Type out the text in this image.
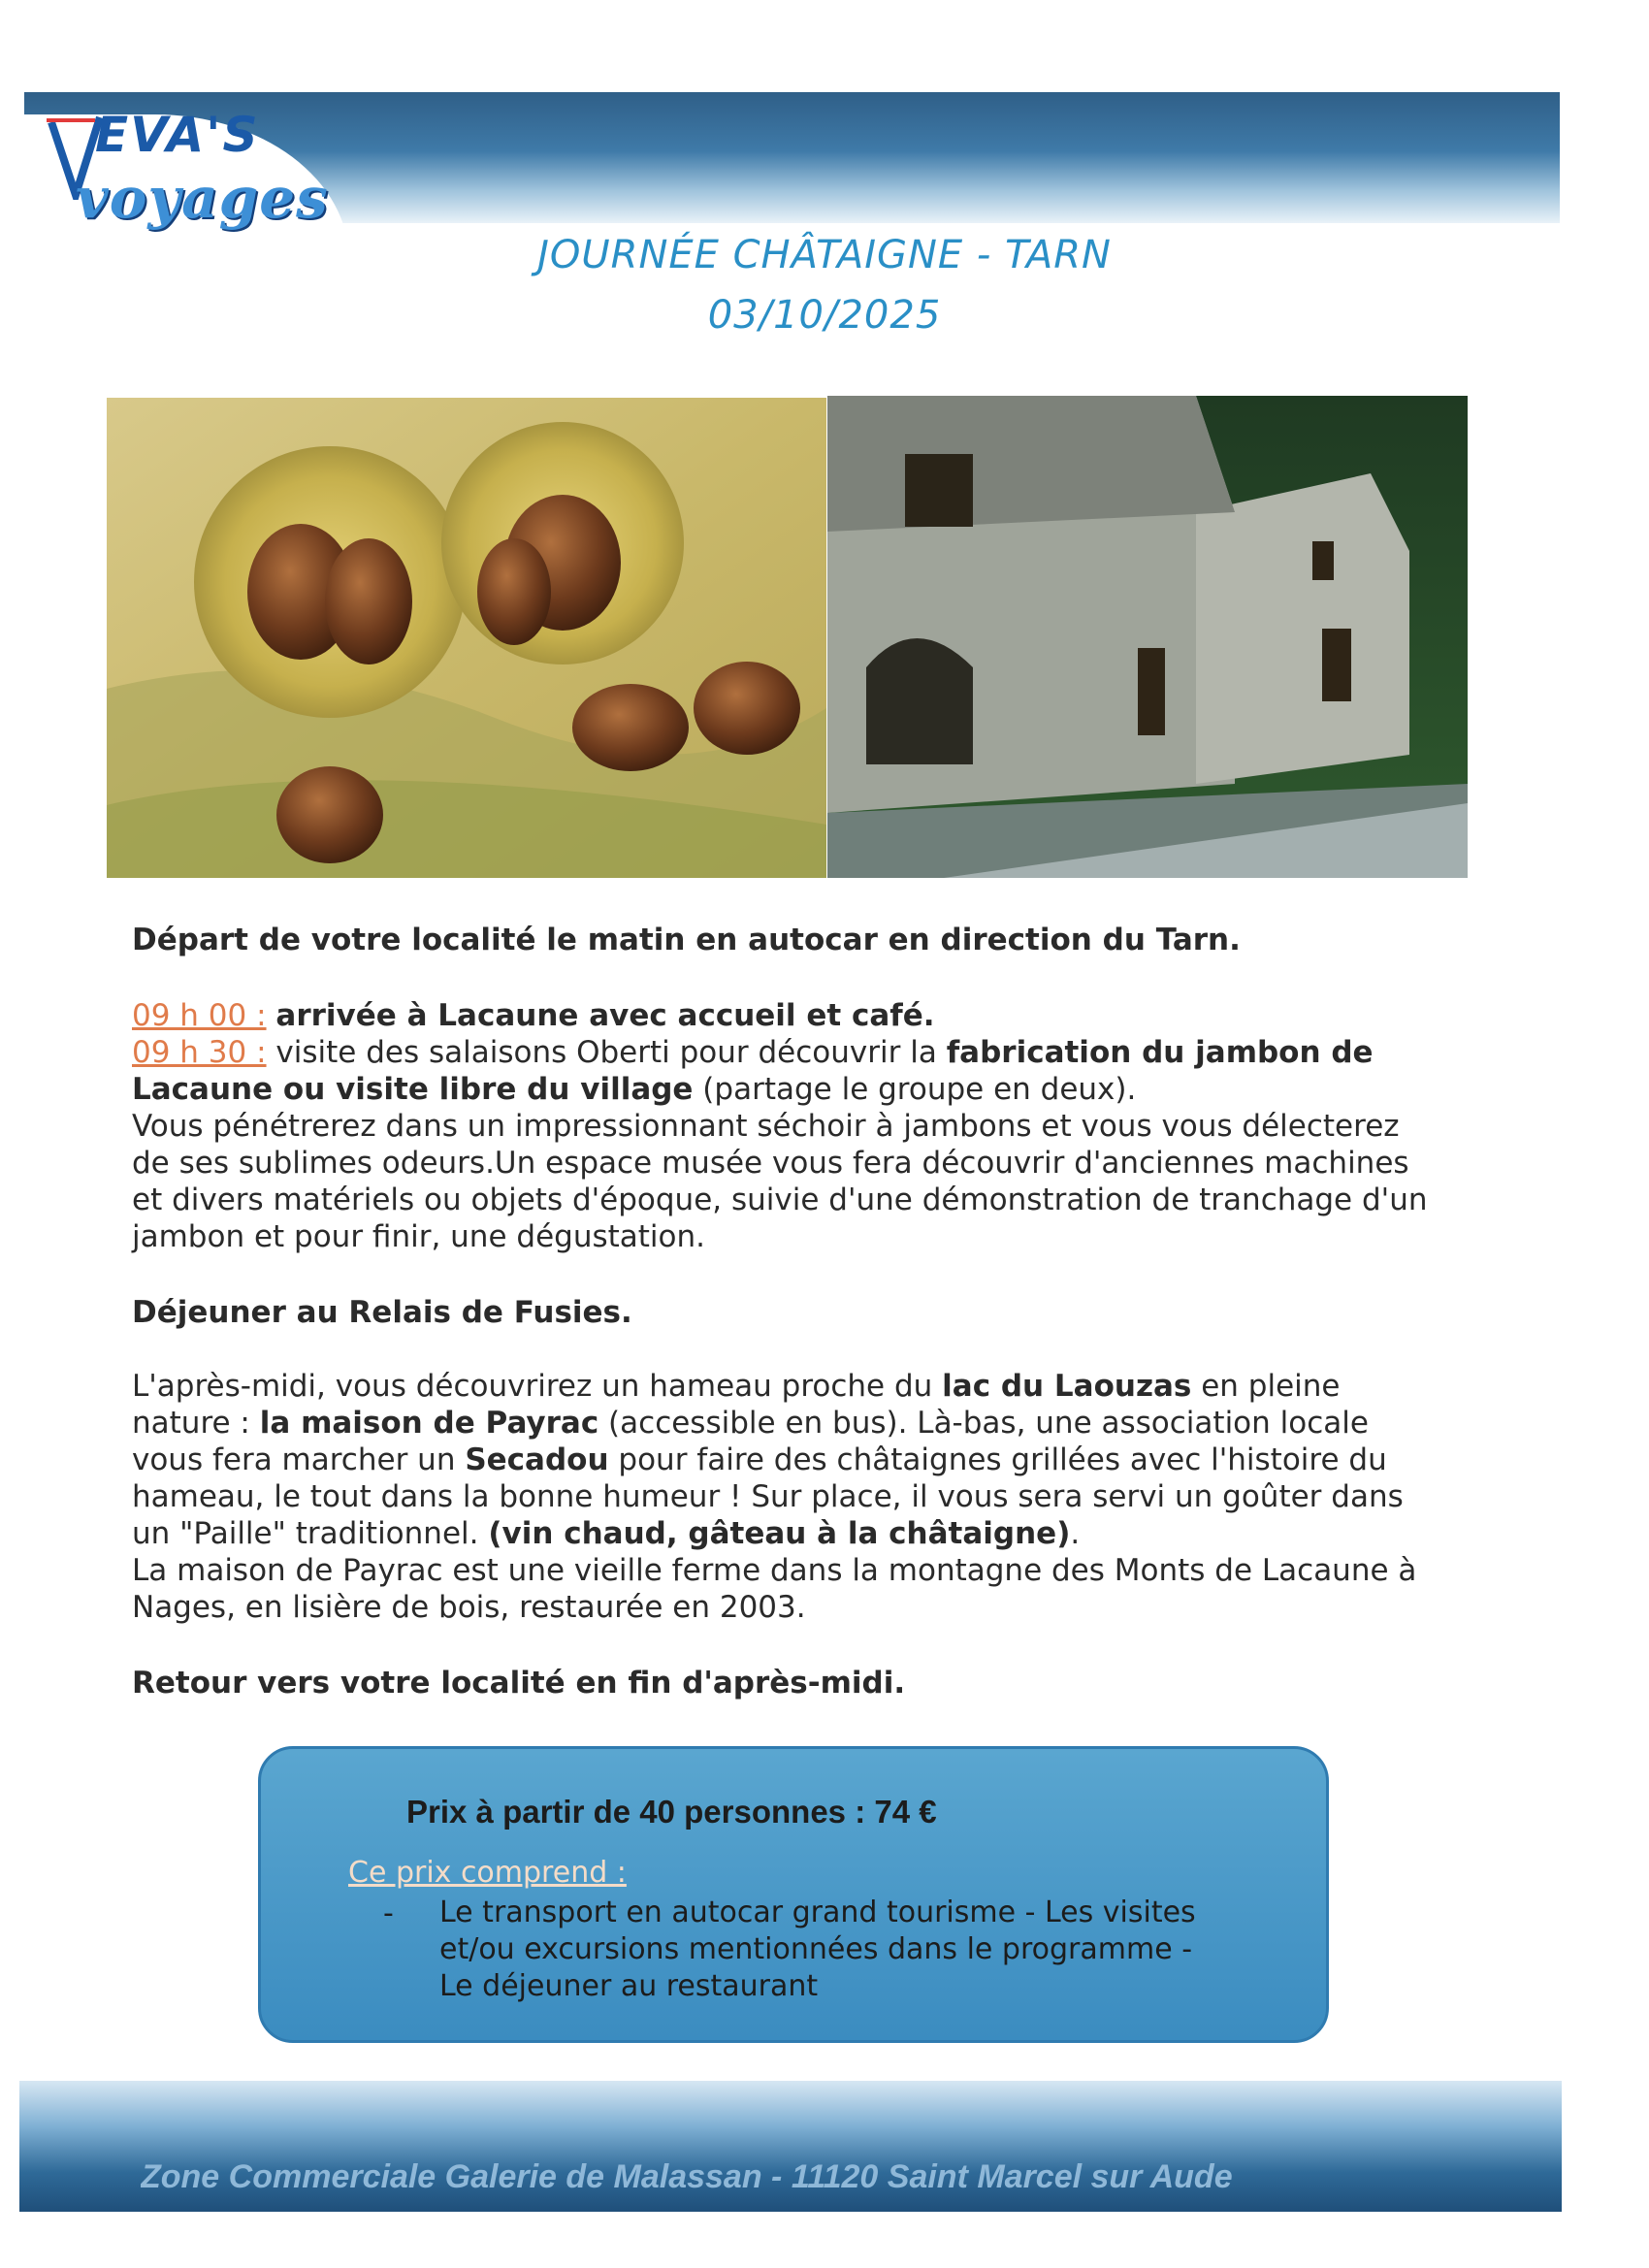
EVA'S
voyages
JOURNÉE CHÂTAIGNE - TARN
03/10/2025

Départ de votre localité le matin en autocar en direction du Tarn.

09 h 00 : arrivée à Lacaune avec accueil et café.

09 h 30 : visite des salaisons Oberti pour découvrir la fabrication du jambon de Lacaune ou visite libre du village (partage le groupe en deux).

Vous pénétrerez dans un impressionnant séchoir à jambons et vous vous délecterez de ses sublimes odeurs.Un espace musée vous fera découvrir d'anciennes machines et divers matériels ou objets d'époque, suivie d'une démonstration de tranchage d'un jambon et pour finir, une dégustation.

Déjeuner au Relais de Fusies.

L'après-midi, vous découvrirez un hameau proche du lac du Laouzas en pleine nature : la maison de Payrac (accessible en bus). Là-bas, une association locale vous fera marcher un Secadou pour faire des châtaignes grillées avec l'histoire du hameau, le tout dans la bonne humeur ! Sur place, il vous sera servi un goûter dans un "Paille" traditionnel. (vin chaud, gâteau à la châtaigne).

La maison de Payrac est une vieille ferme dans la montagne des Monts de Lacaune à Nages, en lisière de bois, restaurée en 2003.

Retour vers votre localité en fin d'après-midi.

Prix à partir de 40 personnes : 74 €
Ce prix comprend :
- Le transport en autocar grand tourisme - Les visites et/ou excursions mentionnées dans le programme - Le déjeuner au restaurant
Zone Commerciale Galerie de Malassan - 11120 Saint Marcel sur Aude
